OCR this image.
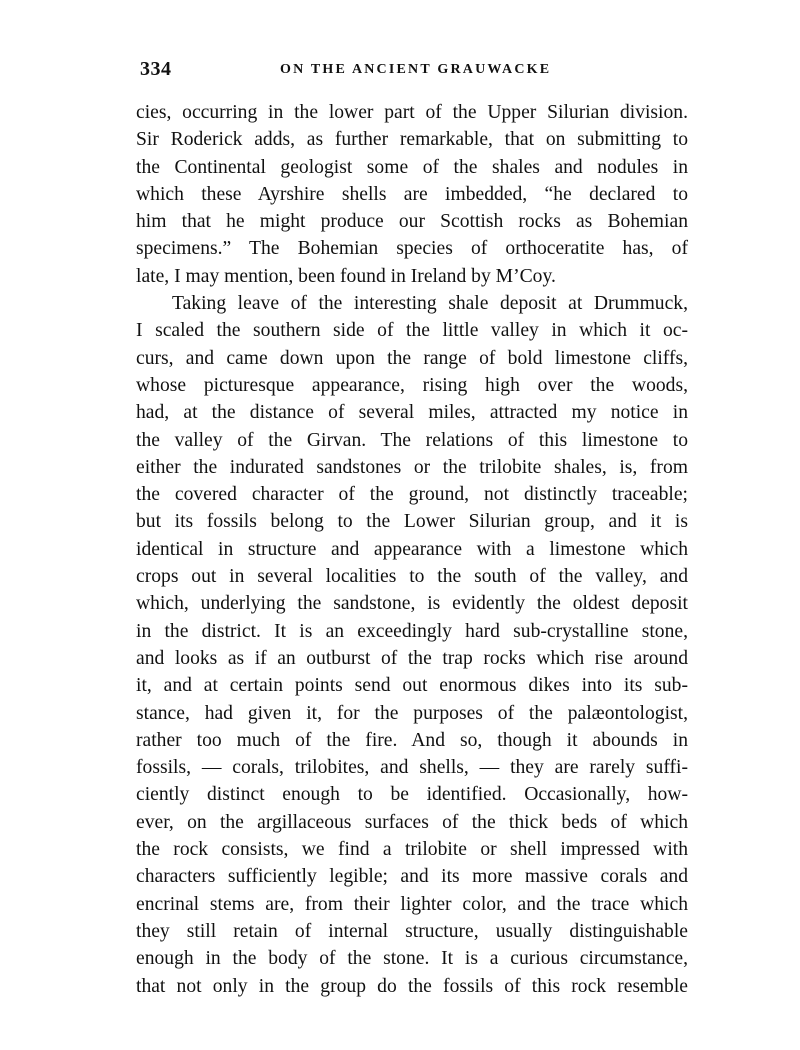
334	ON THE ANCIENT GRAUWACKE
cies, occurring in the lower part of the Upper Silurian division.
Sir Roderick adds, as further remarkable, that on submitting to
the Continental geologist some of the shales and nodules in
which these Ayrshire shells are imbedded, “he declared to
him that he might produce our Scottish rocks as Bohemian
specimens.” The Bohemian species of orthoceratite has, of
late, I may mention, been found in Ireland by M’Coy.
Taking leave of the interesting shale deposit at Drummuck,
I scaled the southern side of the little valley in which it oc-
curs, and came down upon the range of bold limestone cliffs,
whose picturesque appearance, rising high over the woods,
had, at the distance of several miles, attracted my notice in
the valley of the Girvan. The relations of this limestone to
either the indurated sandstones or the trilobite shales, is, from
the covered character of the ground, not distinctly traceable;
but its fossils belong to the Lower Silurian group, and it is
identical in structure and appearance with a limestone which
crops out in several localities to the south of the valley, and
which, underlying the sandstone, is evidently the oldest deposit
in the district. It is an exceedingly hard sub-crystalline stone,
and looks as if an outburst of the trap rocks which rise around
it, and at certain points send out enormous dikes into its sub-
stance, had given it, for the purposes of the palæontologist,
rather too much of the fire. And so, though it abounds in
fossils, — corals, trilobites, and shells, — they are rarely suffi-
ciently distinct enough to be identified. Occasionally, how-
ever, on the argillaceous surfaces of the thick beds of which
the rock consists, we find a trilobite or shell impressed with
characters sufficiently legible; and its more massive corals and
encrinal stems are, from their lighter color, and the trace which
they still retain of internal structure, usually distinguishable
enough in the body of the stone. It is a curious circumstance,
that not only in the group do the fossils of this rock resemble
